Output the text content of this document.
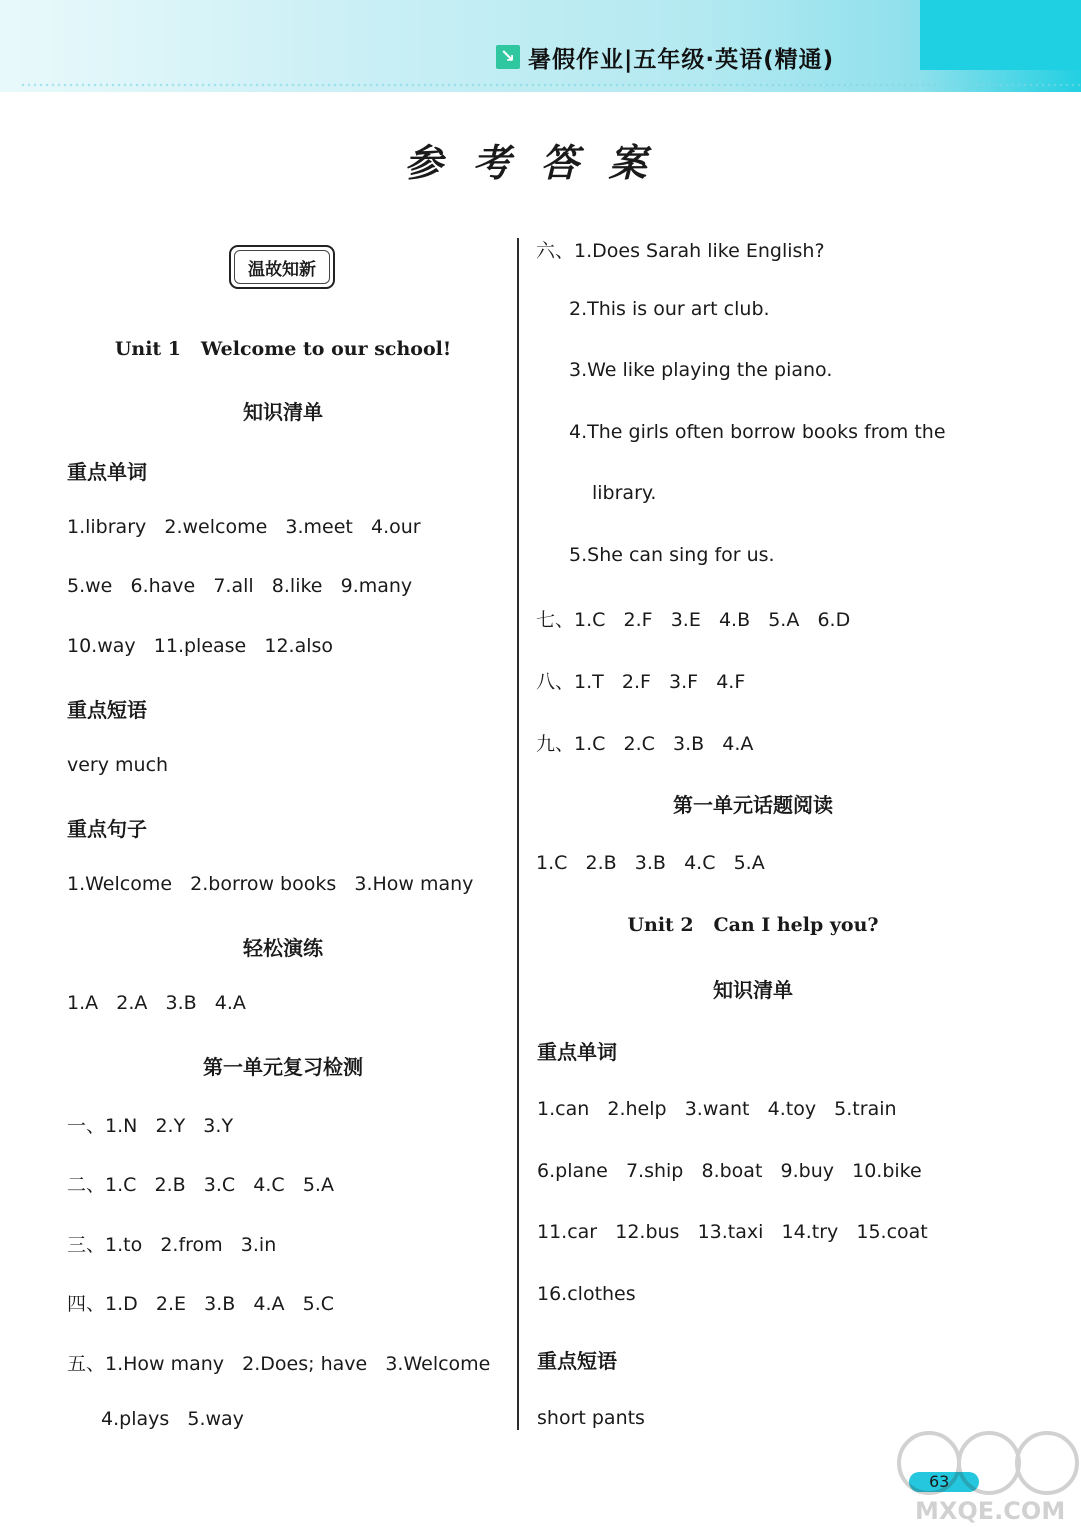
↘ 暑假作业|五年级·英语(精通)
参考答案
温故知新
Unit 1   Welcome to our school!
知识清单
重点单词
1.library   2.welcome   3.meet   4.our
5.we   6.have   7.all   8.like   9.many
10.way   11.please   12.also
重点短语
very much
重点句子
1.Welcome   2.borrow books   3.How many
轻松演练
1.A   2.A   3.B   4.A
第一单元复习检测
一、1.N   2.Y   3.Y
二、1.C   2.B   3.C   4.C   5.A
三、1.to   2.from   3.in
四、1.D   2.E   3.B   4.A   5.C
五、1.How many   2.Does; have   3.Welcome
4.plays   5.way
六、1.Does Sarah like English?
2.This is our art club.
3.We like playing the piano.
4.The girls often borrow books from the
library.
5.She can sing for us.
七、1.C   2.F   3.E   4.B   5.A   6.D
八、1.T   2.F   3.F   4.F
九、1.C   2.C   3.B   4.A
第一单元话题阅读
1.C   2.B   3.B   4.C   5.A
Unit 2   Can I help you?
知识清单
重点单词
1.can   2.help   3.want   4.toy   5.train
6.plane   7.ship   8.boat   9.buy   10.bike
11.car   12.bus   13.taxi   14.try   15.coat
16.clothes
重点短语
short pants
63
MXQE.COM
